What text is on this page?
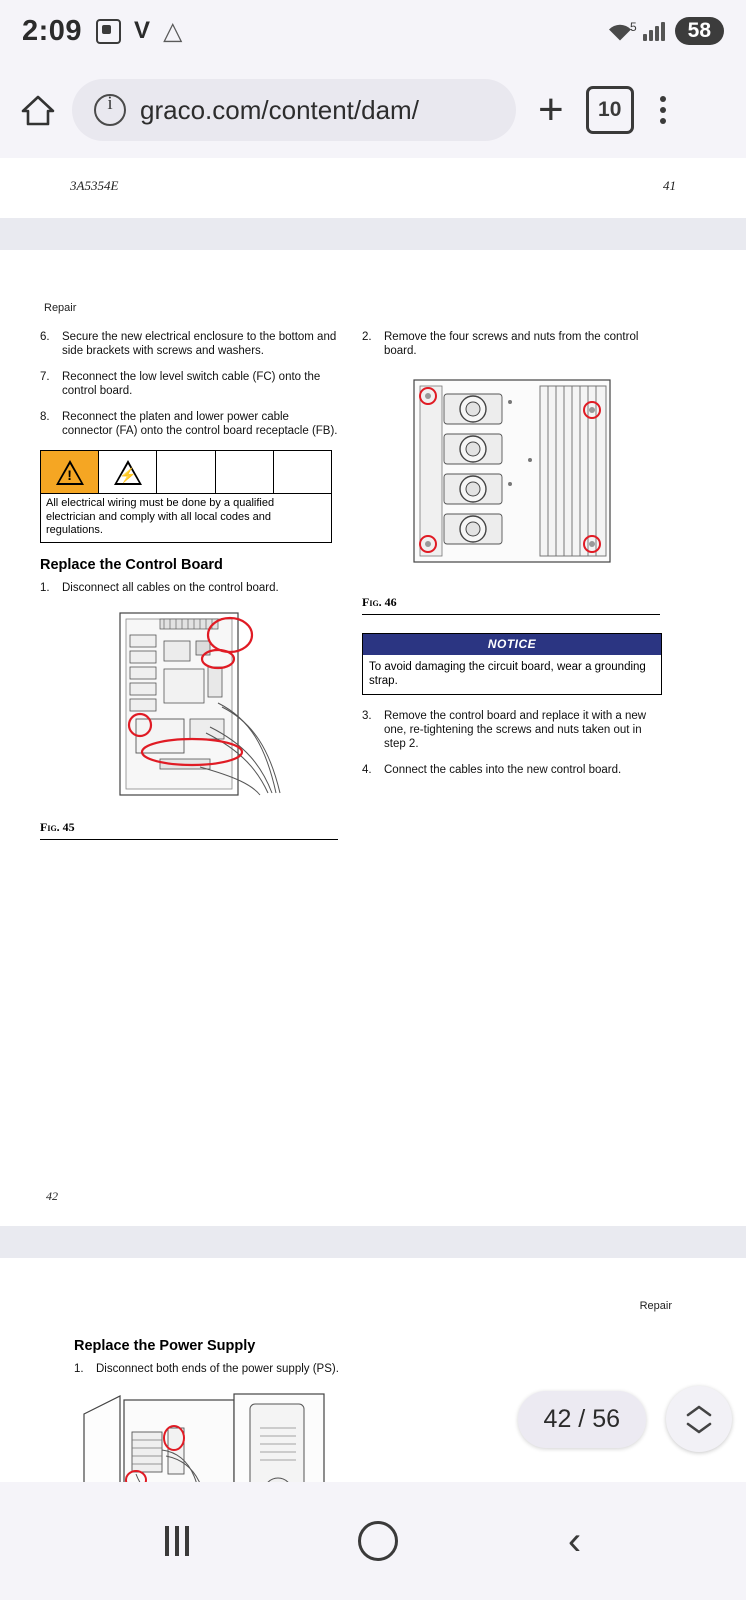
2:09 V △ 	5	58
i
graco.com/content/dam/	+	10
3A5354E	41
Repair
6.	Secure the new electrical enclosure to the bottom and side brackets with screws and washers.
7.	Reconnect the low level switch cable (FC) onto the control board.
8.	Reconnect the platen and lower power cable connector (FA) onto the control board receptacle (FB).
!	⚡
All electrical wiring must be done by a qualified electrician and comply with all local codes and regulations.
Replace the Control Board
1.	Disconnect all cables on the control board.
Fig. 45
2.	Remove the four screws and nuts from the control board.
Fig. 46
NOTICE
To avoid damaging the circuit board, wear a grounding strap.
3.	Remove the control board and replace it with a new one, re-tightening the screws and nuts taken out in step 2.
4.	Connect the cables into the new control board.
42
Repair
Replace the Power Supply
1.	Disconnect both ends of the power supply (PS).
42 / 56
‹
